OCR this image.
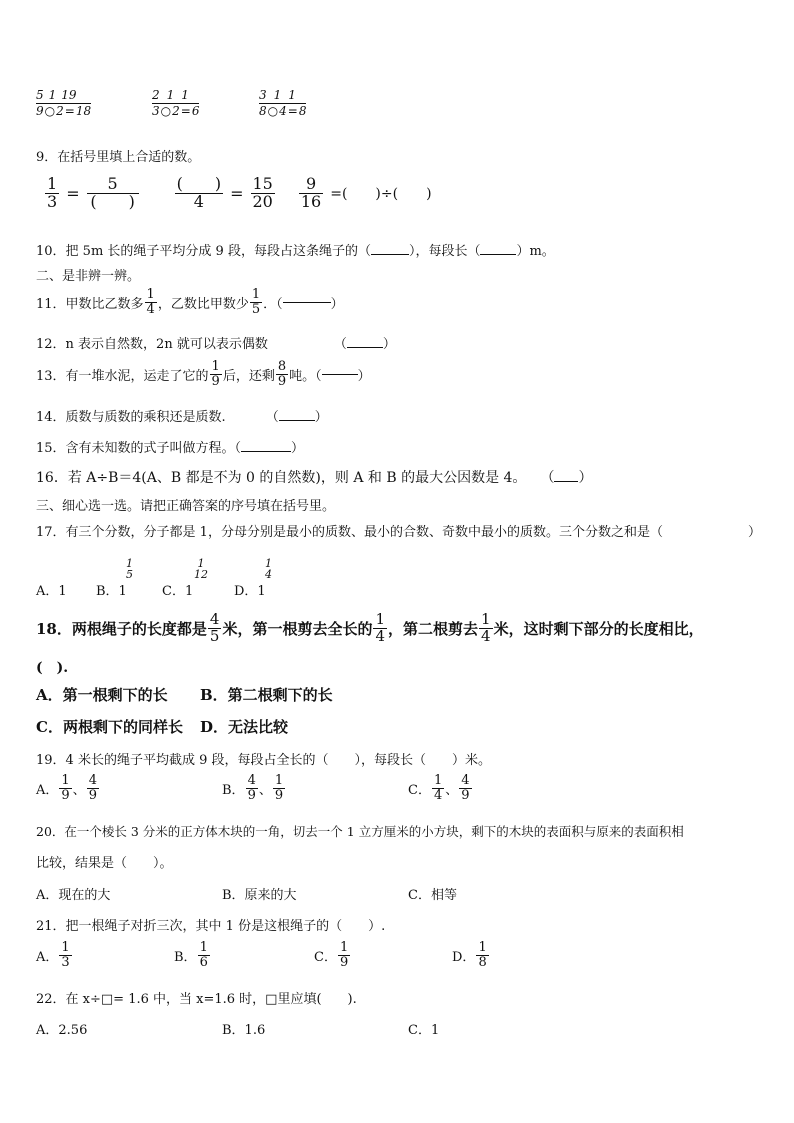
5 1 19
9 ○ 2 = 18
2 1 1
3 ○ 2 = 6
3 1 1
8 ○ 4 = 8
9．在括号里填上合适的数。
$\frac{1}{3} = \frac{5}{( )} \frac{( )}{4} = \frac{15}{20} \frac{9}{16}$ =(　　)÷(　　)
10．把 5m 长的绳子平均分成 9 段，每段占这条绳子的（	），每段长（	）m。
二、是非辨一辨。
11．甲数比乙数多 $\frac{1}{4}$ ，乙数比甲数少 $\frac{1}{5}$ ．（	）
12．n 表示自然数，2n 就可以表示偶数	（	）
13．有一堆水泥，运走了它的 $\frac{1}{9}$ 后，还剩 $\frac{8}{9}$ 吨。（	）
14．质数与质数的乘积还是质数.	（	）
15．含有未知数的式子叫做方程。（	）
16．若 A÷B＝4(A、B 都是不为 0 的自然数)，则 A 和 B 的最大公因数是 4。 （ ）
三、细心选一选。请把正确答案的序号填在括号里。
17．有三个分数，分子都是 1，分母分别是最小的质数、最小的合数、奇数中最小的质数。三个分数之和是（	）
A．1 B．1
1
5
C．1
1
12
D．1
1
4
18．两根绳子的长度都是 $\frac{4}{5}$ 米，第一根剪去全长的 $\frac{1}{4}$ ，第二根剪去 $\frac{1}{4}$ 米，这时剩下部分的长度相比，
(　).
A．第一根剩下的长 B．第二根剩下的长
C．两根剩下的同样长 D．无法比较
19．4 米长的绳子平均截成 9 段，每段占全长的（　　），每段长（　　）米。
A． $\frac{1}{9}$ 、 $\frac{4}{9}$	B． $\frac{4}{9}$ 、 $\frac{1}{9}$	C． $\frac{1}{4}$ 、 $\frac{4}{9}$
20．在一个棱长 3 分米的正方体木块的一角，切去一个 1 立方厘米的小方块，剩下的木块的表面积与原来的表面积相
比较，结果是（　　）。
A．现在的大	B．原来的大	C．相等
21．把一根绳子对折三次，其中 1 份是这根绳子的（　　）.
A． $\frac{1}{3}$	B． $\frac{1}{6}$	C． $\frac{1}{9}$	D． $\frac{1}{8}$
22．在 x÷□= 1.6 中，当 x=1.6 时，□里应填(　　).
A．2.56	B．1.6	C．1
